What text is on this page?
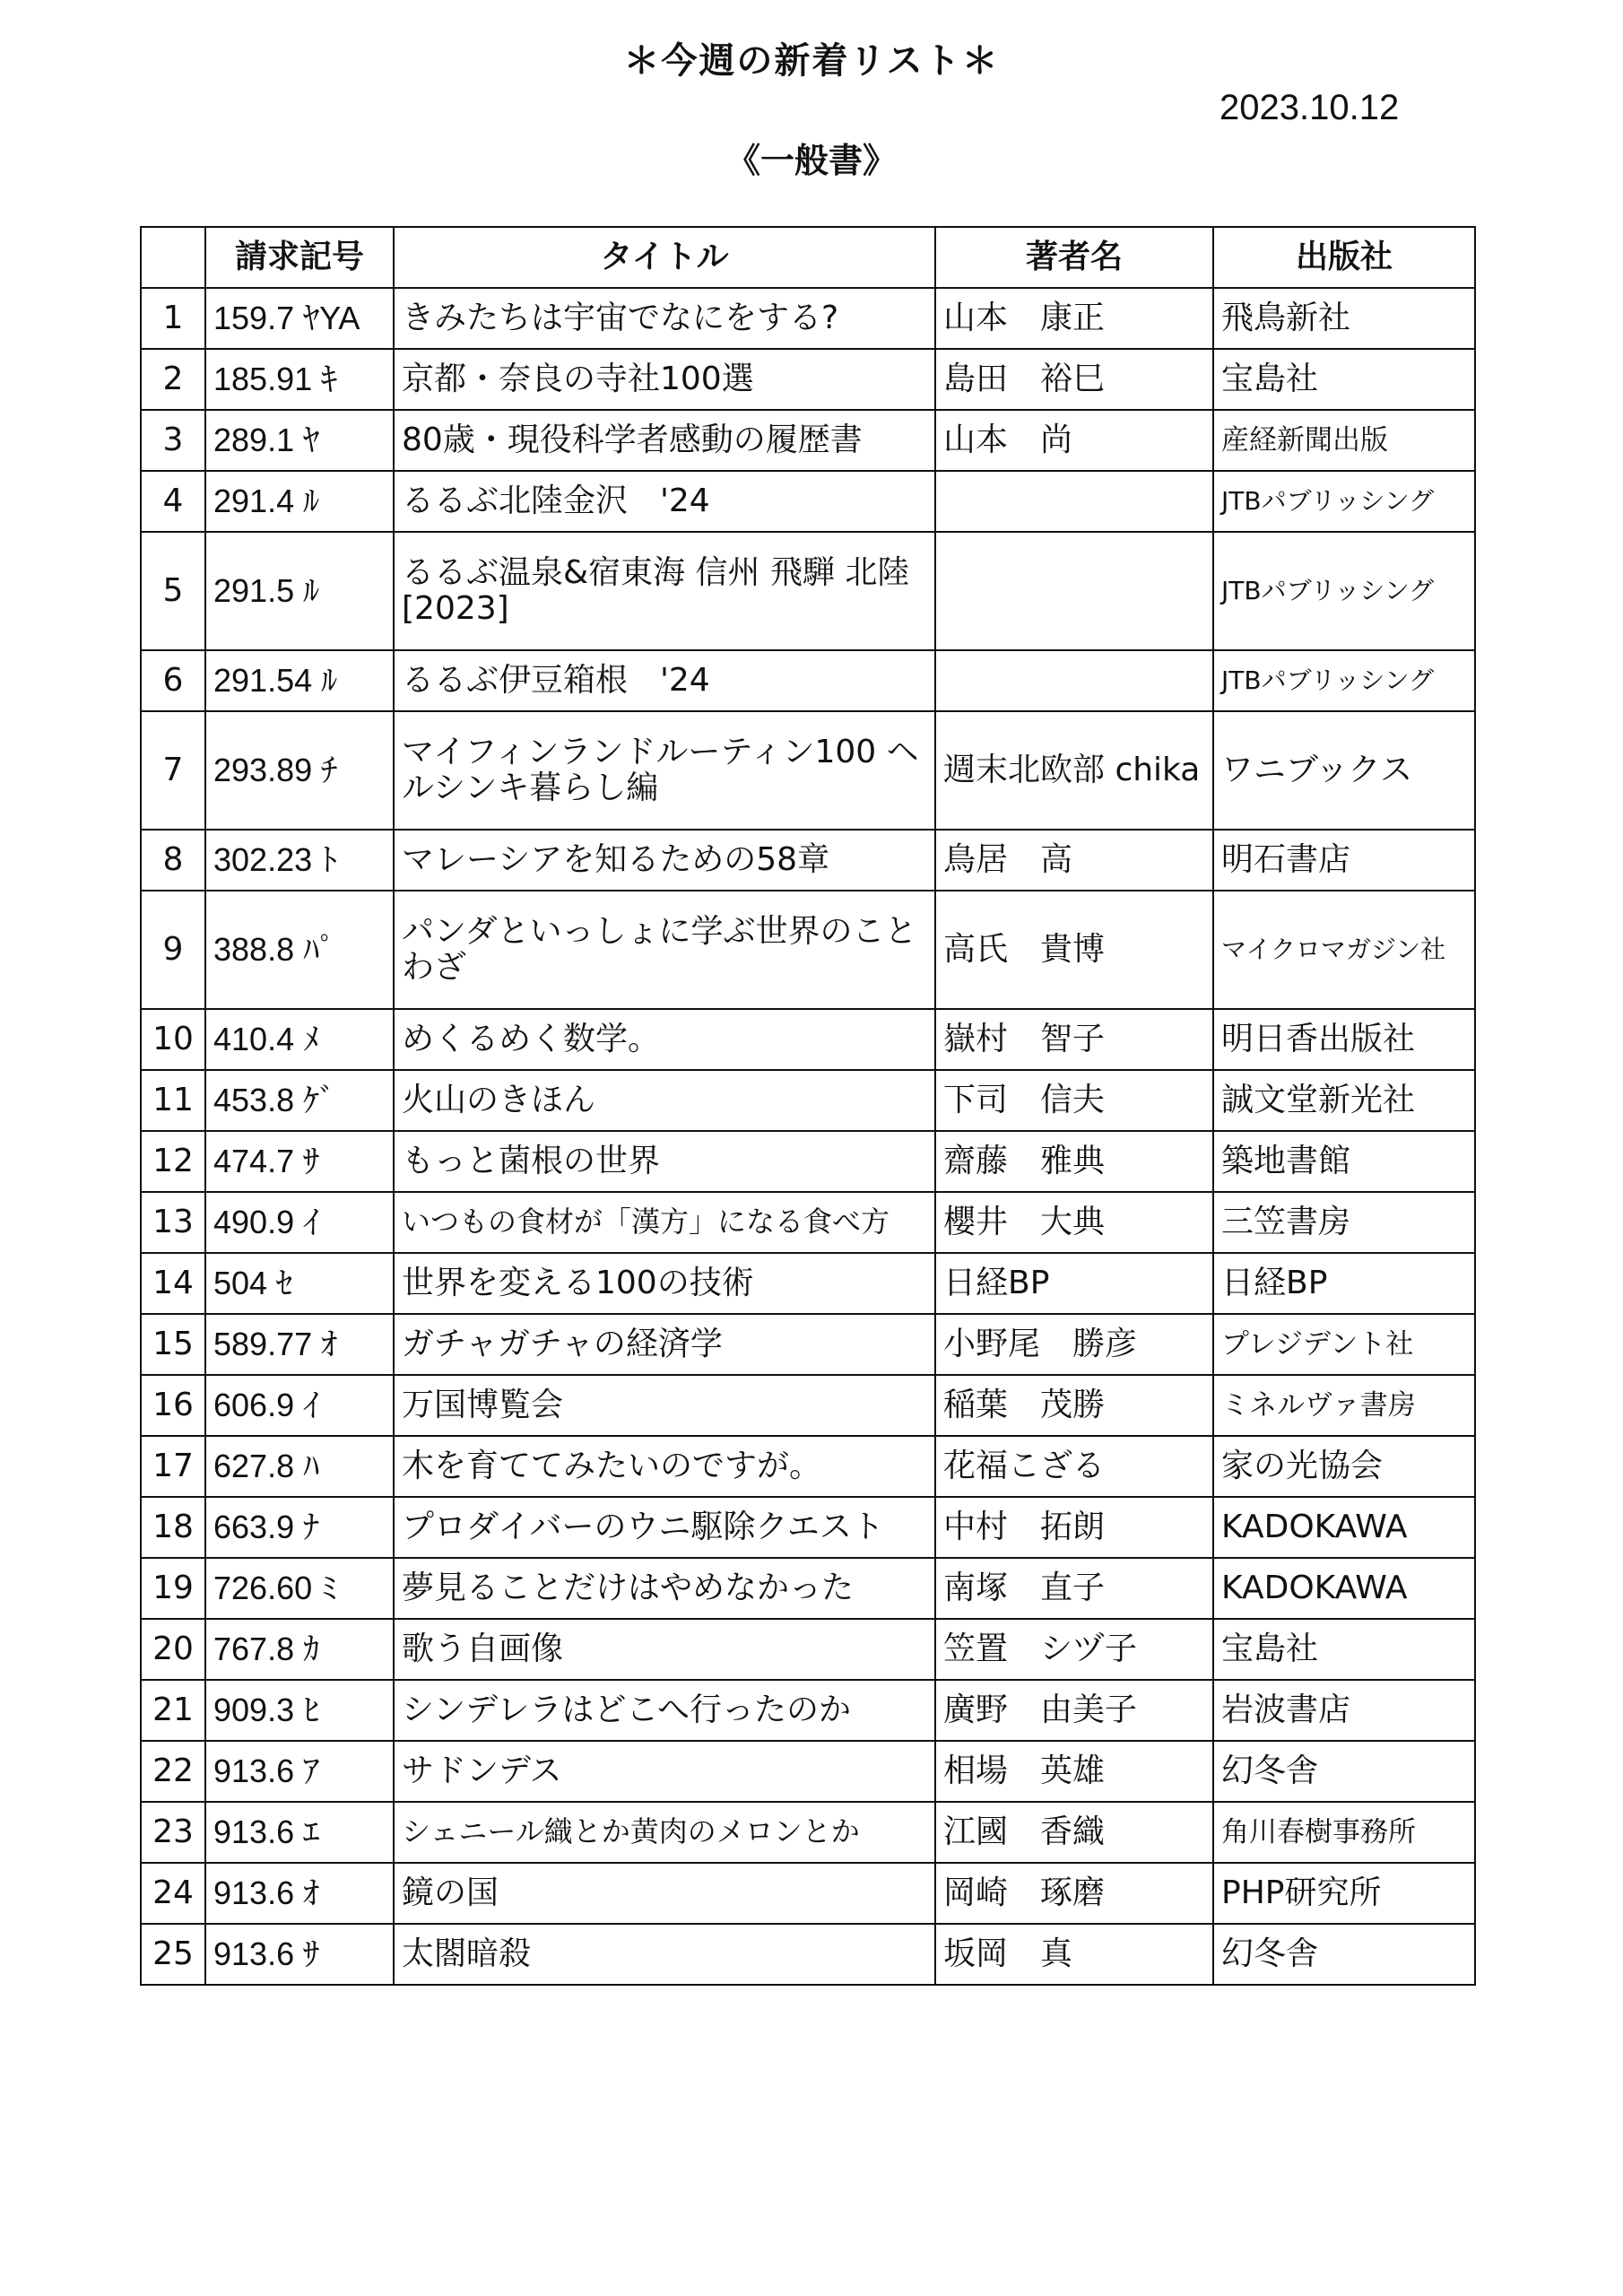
＊今週の新着リスト＊
2023.10.12
《一般書》
	請求記号	タイトル	著者名	出版社
1	159.7 ﾔYA	きみたちは宇宙でなにをする?	山本　康正	飛鳥新社
2	185.91 ｷ	京都・奈良の寺社100選	島田　裕巳	宝島社
3	289.1 ﾔ	80歳・現役科学者感動の履歴書	山本　尚	産経新聞出版
4	291.4 ﾙ	るるぶ北陸金沢　'24		JTBパブリッシング
5	291.5 ﾙ	るるぶ温泉&宿東海 信州 飛騨 北陸 [2023]		JTBパブリッシング
6	291.54 ﾙ	るるぶ伊豆箱根　'24		JTBパブリッシング
7	293.89 ﾁ	マイフィンランドルーティン100 ヘルシンキ暮らし編	週末北欧部 chika	ワニブックス
8	302.23 ﾄ	マレーシアを知るための58章	鳥居　高	明石書店
9	388.8 ﾊﾟ	パンダといっしょに学ぶ世界のことわざ	高氏　貴博	マイクロマガジン社
10	410.4 ﾒ	めくるめく数学。	嶽村　智子	明日香出版社
11	453.8 ｹﾞ	火山のきほん	下司　信夫	誠文堂新光社
12	474.7 ｻ	もっと菌根の世界	齋藤　雅典	築地書館
13	490.9 ｲ	いつもの食材が「漢方」になる食べ方	櫻井　大典	三笠書房
14	504 ｾ	世界を変える100の技術	日経BP	日経BP
15	589.77 ｵ	ガチャガチャの経済学	小野尾　勝彦	プレジデント社
16	606.9 ｲ	万国博覧会	稲葉　茂勝	ミネルヴァ書房
17	627.8 ﾊ	木を育ててみたいのですが。	花福こざる	家の光協会
18	663.9 ﾅ	プロダイバーのウニ駆除クエスト	中村　拓朗	KADOKAWA
19	726.60 ﾐ	夢見ることだけはやめなかった	南塚　直子	KADOKAWA
20	767.8 ｶ	歌う自画像	笠置　シヅ子	宝島社
21	909.3 ﾋ	シンデレラはどこへ行ったのか	廣野　由美子	岩波書店
22	913.6 ｱ	サドンデス	相場　英雄	幻冬舎
23	913.6 ｴ	シェニール織とか黄肉のメロンとか	江國　香織	角川春樹事務所
24	913.6 ｵ	鏡の国	岡崎　琢磨	PHP研究所
25	913.6 ｻ	太閤暗殺	坂岡　真	幻冬舎
